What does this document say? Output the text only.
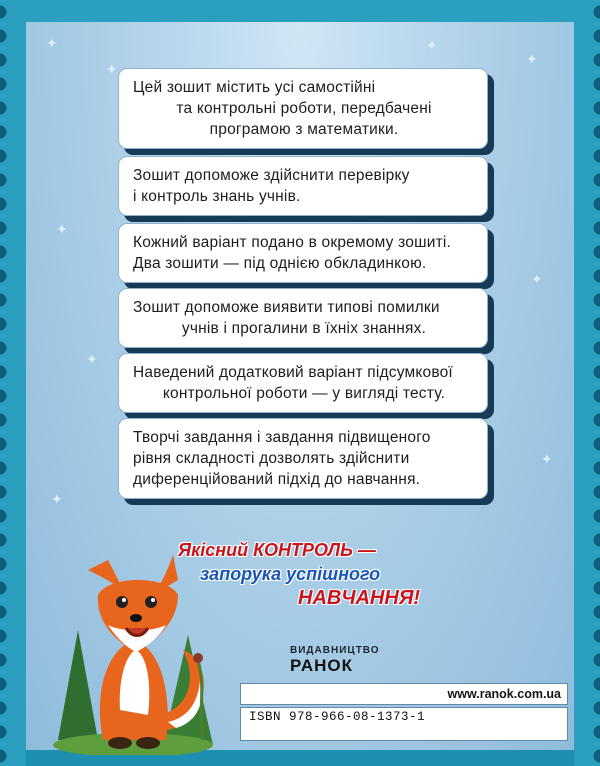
✦
✦
✦
✦
✦
✦
✦
✦
✦

Цей зошит містить усі самостійні

та контрольні роботи, передбачені

програмою з математики.

Зошит допоможе здійснити перевірку

і контроль знань учнів.

Кожний варіант подано в окремому зошиті.

Два зошити — під однією обкладинкою.

Зошит допоможе виявити типові помилки

учнів і прогалини в їхніх знаннях.

Наведений додатковий варіант підсумкової

контрольної роботи — у вигляді тесту.

Творчі завдання і завдання підвищеного

рівня складності дозволять здійснити

диференційований підхід до навчання.

Якісний КОНТРОЛЬ —
запорука успішного
НАВЧАННЯ!
ВИДАВНИЦТВО
РАНОК
www.ranok.com.ua
ISBN 978-966-08-1373-1
